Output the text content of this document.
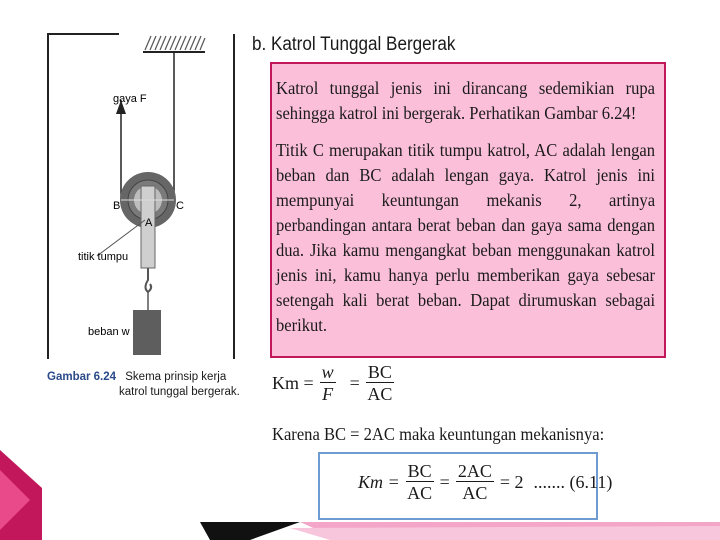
gaya F
B	C
A
titik tumpu
beban w
Gambar 6.24 Skema prinsip kerja
katrol tunggal bergerak.
b. Katrol Tunggal Bergerak

Katrol tunggal jenis ini dirancang sedemikian rupa sehingga katrol ini bergerak. Perhatikan Gambar 6.24!

Titik C merupakan titik tumpu katrol, AC adalah lengan beban dan BC adalah lengan gaya. Katrol jenis ini mempunyai keuntungan mekanis 2, artinya perbandingan antara berat beban dan gaya sama dengan dua. Jika kamu mengangkat beban menggunakan katrol jenis ini, kamu hanya perlu memberikan gaya sebesar setengah kali berat beban. Dapat dirumuskan sebagai berikut.

$Km = \frac{w}{F} = \frac{BC}{AC}$
Karena BC = 2AC maka keuntungan mekanisnya:
$Km = \frac{BC}{AC} = \frac{2AC}{AC} = 2$ ....... (6.11)
